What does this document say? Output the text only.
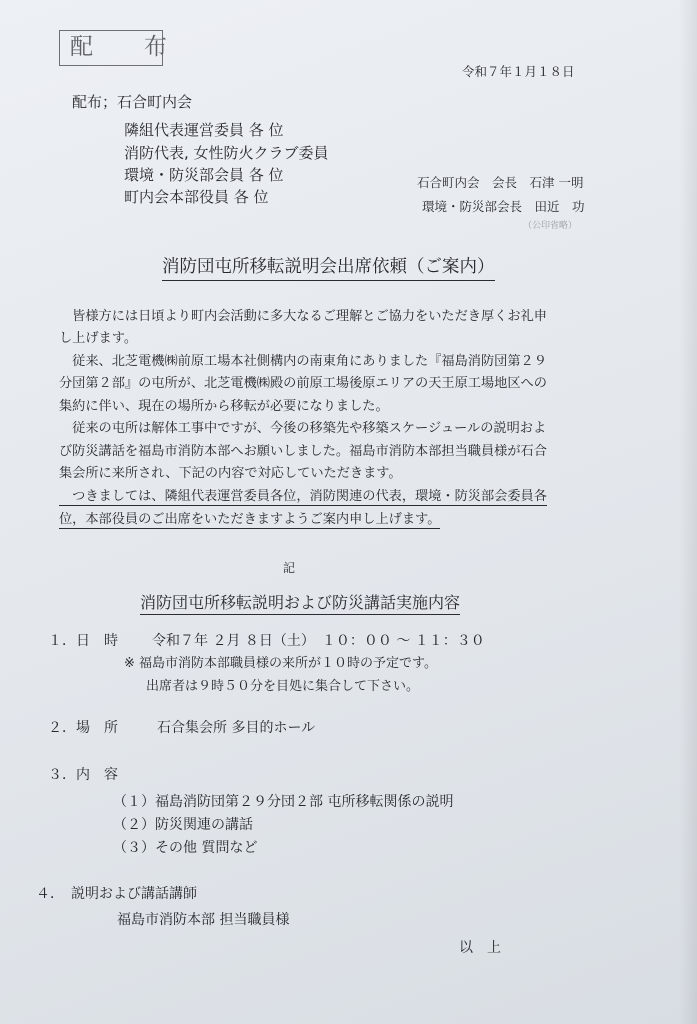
配　布
令和７年１月１８日
配布；石合町内会
隣組代表運営委員 各 位
消防代表, 女性防火クラブ委員
環境・防災部会員 各 位
町内会本部役員 各 位
石合町内会　会長　石津 一明
環境・防災部会長　田近　功
（公印省略）
消防団屯所移転説明会出席依頼（ご案内）
　皆様方には日頃より町内会活動に多大なるご理解とご協力をいただき厚くお礼申
し上げます。
　従来、北芝電機㈱前原工場本社側構内の南東角にありました『福島消防団第２９
分団第２部』の屯所が、北芝電機㈱殿の前原工場後原エリアの天王原工場地区への
集約に伴い、現在の場所から移転が必要になりました。
　従来の屯所は解体工事中ですが、今後の移築先や移築スケージュールの説明およ
び防災講話を福島市消防本部へお願いしました。福島市消防本部担当職員様が石合
集会所に来所され、下記の内容で対応していただきます。
　つきましては、隣組代表運営委員各位，消防関連の代表，環境・防災部会委員各
位，本部役員のご出席をいただきますようご案内申し上げます。
記
消防団屯所移転説明および防災講話実施内容
１．日　時 令和７年 ２月 ８日（土）　１０：００ ～ １１：３０
※ 福島市消防本部職員様の来所が１０時の予定です。
出席者は９時５０分を目処に集合して下さい。
２．場　所	石合集会所 多目的ホール
３．内　容
（１）福島消防団第２９分団２部 屯所移転関係の説明
（２）防災関連の講話
（３）その他 質問など
４．　説明および講話講師
福島市消防本部 担当職員様
以　上
